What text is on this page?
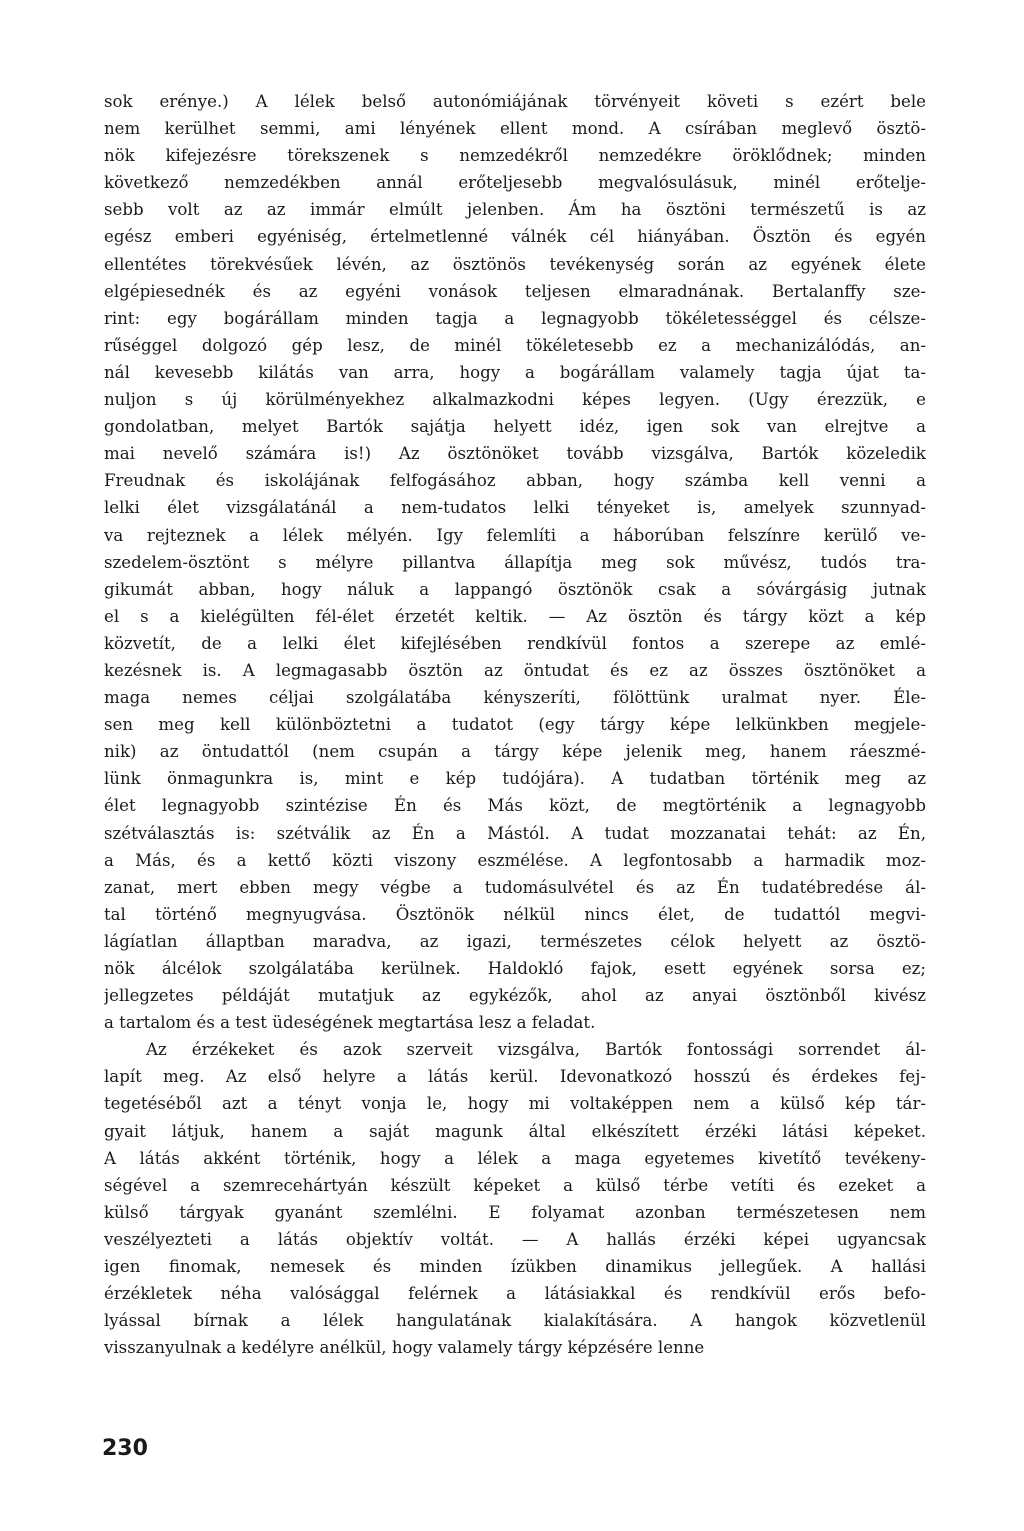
sok erénye.) A lélek belső autonómiájának törvényeit követi s ezért bele
nem kerülhet semmi, ami lényének ellent mond. A csírában meglevő ösztö-
nök kifejezésre törekszenek s nemzedékről nemzedékre öröklődnek; minden
következő nemzedékben annál erőteljesebb megvalósulásuk, minél erőtelje-
sebb volt az az immár elmúlt jelenben. Ám ha ösztöni természetű is az
egész emberi egyéniség, értelmetlenné válnék cél hiányában. Ösztön és egyén
ellentétes törekvésűek lévén, az ösztönös tevékenység során az egyének élete
elgépiesednék és az egyéni vonások teljesen elmaradnának. Bertalanffy sze-
rint: egy bogárállam minden tagja a legnagyobb tökéletességgel és célsze-
rűséggel dolgozó gép lesz, de minél tökéletesebb ez a mechanizálódás, an-
nál kevesebb kilátás van arra, hogy a bogárállam valamely tagja újat ta-
nuljon s új körülményekhez alkalmazkodni képes legyen. (Ugy érezzük, e
gondolatban, melyet Bartók sajátja helyett idéz, igen sok van elrejtve a
mai nevelő számára is!) Az ösztönöket tovább vizsgálva, Bartók közeledik
Freudnak és iskolájának felfogásához abban, hogy számba kell venni a
lelki élet vizsgálatánál a nem-tudatos lelki tényeket is, amelyek szunnyad-
va rejteznek a lélek mélyén. Igy felemlíti a háborúban felszínre kerülő ve-
szedelem-ösztönt s mélyre pillantva állapítja meg sok művész, tudós tra-
gikumát abban, hogy náluk a lappangó ösztönök csak a sóvárgásig jutnak
el s a kielégülten fél-élet érzetét keltik. — Az ösztön és tárgy közt a kép
közvetít, de a lelki élet kifejlésében rendkívül fontos a szerepe az emlé-
kezésnek is. A legmagasabb ösztön az öntudat és ez az összes ösztönöket a
maga nemes céljai szolgálatába kényszeríti, fölöttünk uralmat nyer. Éle-
sen meg kell különböztetni a tudatot (egy tárgy képe lelkünkben megjele-
nik) az öntudattól (nem csupán a tárgy képe jelenik meg, hanem ráeszmé-
lünk önmagunkra is, mint e kép tudójára). A tudatban történik meg az
élet legnagyobb szintézise Én és Más közt, de megtörténik a legnagyobb
szétválasztás is: szétválik az Én a Mástól. A tudat mozzanatai tehát: az Én,
a Más, és a kettő közti viszony eszmélése. A legfontosabb a harmadik moz-
zanat, mert ebben megy végbe a tudomásulvétel és az Én tudatébredése ál-
tal történő megnyugvása. Ösztönök nélkül nincs élet, de tudattól megvi-
lágíatlan állaptban maradva, az igazi, természetes célok helyett az ösztö-
nök álcélok szolgálatába kerülnek. Haldokló fajok, esett egyének sorsa ez;
jellegzetes példáját mutatjuk az egykézők, ahol az anyai ösztönből kivész
a tartalom és a test üdeségének megtartása lesz a feladat.
Az érzékeket és azok szerveit vizsgálva, Bartók fontossági sorrendet ál-
lapít meg. Az első helyre a látás kerül. Idevonatkozó hosszú és érdekes fej-
tegetéséből azt a tényt vonja le, hogy mi voltaképpen nem a külső kép tár-
gyait látjuk, hanem a saját magunk által elkészített érzéki látási képeket.
A látás akként történik, hogy a lélek a maga egyetemes kivetítő tevékeny-
ségével a szemrecehártyán készült képeket a külső térbe vetíti és ezeket a
külső tárgyak gyanánt szemlélni. E folyamat azonban természetesen nem
veszélyezteti a látás objektív voltát. — A hallás érzéki képei ugyancsak
igen finomak, nemesek és minden ízükben dinamikus jellegűek. A hallási
érzékletek néha valósággal felérnek a látásiakkal és rendkívül erős befo-
lyással bírnak a lélek hangulatának kialakítására. A hangok közvetlenül
visszanyulnak a kedélyre anélkül, hogy valamely tárgy képzésére lenne
230
